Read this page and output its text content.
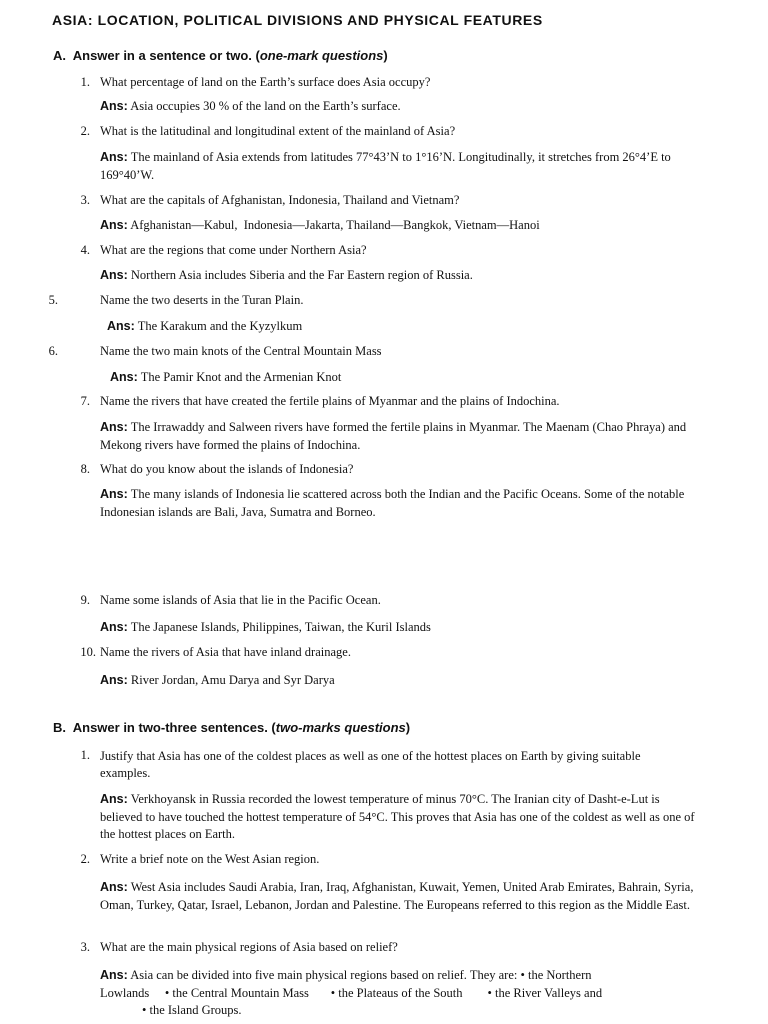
ASIA: LOCATION, POLITICAL DIVISIONS AND PHYSICAL FEATURES
A. Answer in a sentence or two. (one-mark questions)
1. What percentage of land on the Earth’s surface does Asia occupy?
Ans: Asia occupies 30 % of the land on the Earth’s surface.
2. What is the latitudinal and longitudinal extent of the mainland of Asia?
Ans: The mainland of Asia extends from latitudes 77°43’N to 1°16’N. Longitudinally, it stretches from 26°4’E to 169°40’W.
3. What are the capitals of Afghanistan, Indonesia, Thailand and Vietnam?
Ans: Afghanistan—Kabul,  Indonesia—Jakarta, Thailand—Bangkok, Vietnam—Hanoi
4. What are the regions that come under Northern Asia?
Ans: Northern Asia includes Siberia and the Far Eastern region of Russia.
5.	Name the two deserts in the Turan Plain.
Ans: The Karakum and the Kyzylkum
6.	Name the two main knots of the Central Mountain Mass
Ans: The Pamir Knot and the Armenian Knot
7. Name the rivers that have created the fertile plains of Myanmar and the plains of Indochina.
Ans: The Irrawaddy and Salween rivers have formed the fertile plains in Myanmar. The Maenam (Chao Phraya) and Mekong rivers have formed the plains of Indochina.
8. What do you know about the islands of Indonesia?
Ans: The many islands of Indonesia lie scattered across both the Indian and the Pacific Oceans. Some of the notable Indonesian islands are Bali, Java, Sumatra and Borneo.
9. Name some islands of Asia that lie in the Pacific Ocean.
Ans: The Japanese Islands, Philippines, Taiwan, the Kuril Islands
10. Name the rivers of Asia that have inland drainage.
Ans: River Jordan, Amu Darya and Syr Darya
B. Answer in two-three sentences. (two-marks questions)
1. Justify that Asia has one of the coldest places as well as one of the hottest places on Earth by giving suitable examples.
Ans: Verkhoyansk in Russia recorded the lowest temperature of minus 70°C. The Iranian city of Dasht-e-Lut is believed to have touched the hottest temperature of 54°C. This proves that Asia has one of the coldest as well as one of the hottest places on Earth.
2. Write a brief note on the West Asian region.
Ans: West Asia includes Saudi Arabia, Iran, Iraq, Afghanistan, Kuwait, Yemen, United Arab Emirates, Bahrain, Syria, Oman, Turkey, Qatar, Israel, Lebanon, Jordan and Palestine. The Europeans referred to this region as the Middle East.
3. What are the main physical regions of Asia based on relief?
Ans: Asia can be divided into five main physical regions based on relief. They are: • the Northern
Lowlands     • the Central Mountain Mass       • the Plateaus of the South        • the River Valleys and
• the Island Groups.
